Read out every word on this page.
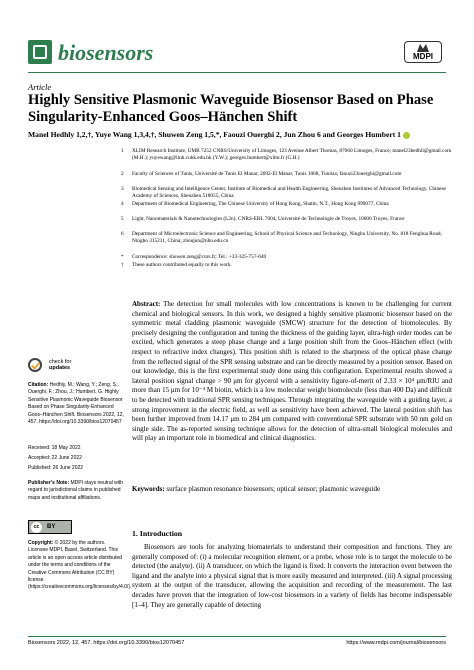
biosensors	MDPI
Article
Highly Sensitive Plasmonic Waveguide Biosensor Based on Phase Singularity-Enhanced Goos–Hänchen Shift
Manel Hedhly 1,2,†, Yuye Wang 1,3,4,†, Shuwen Zeng 1,5,*, Faouzi Ouerghi 2, Jun Zhou 6 and Georges Humbert 1
1 XLIM Research Institute, UMR 7252 CNRS/University of Limoges, 123 Avenue Albert Thomas, 87060 Limoges, France; manel23hedhli@gmail.com (M.H.); yuyewang@link.cuhk.edu.hk (Y.W.); georges.humbert@xlim.fr (G.H.)
2 Faculty of Sciences of Tunis, Université de Tunis El Manar, 2092-El Manar, Tunis 1068, Tunisia; faouzi23ouerghi@gmail.com
3 Biomedical Sensing and Intelligence Center, Institute of Biomedical and Health Engineering, Shenzhen Institutes of Advanced Technology, Chinese Academy of Sciences, Shenzhen 518055, China
4 Department of Biomedical Engineering, The Chinese University of Hong Kong, Shatin, N.T., Hong Kong 999077, China
5 Light, Nanomaterials & Nanotechnologies (L2n), CNRS-ERL 7004, Université de Technologie de Troyes, 10000 Troyes, France
6 Department of Microelectronic Science and Engineering, School of Physical Science and Technology, Ningbo University, No. 818 Fenghua Road, Ningbo 315211, China; zhoujun@nbu.edu.cn
* Correspondence: shuwen.zeng@cnrs.fr; Tel.: +33-325-757-640
† These authors contributed equally to this work.
Abstract: The detection for small molecules with low concentrations is known to be challenging for current chemical and biological sensors. In this work, we designed a highly sensitive plasmonic biosensor based on the symmetric metal cladding plasmonic waveguide (SMCW) structure for the detection of biomolecules. By precisely designing the configuration and tuning the thickness of the guiding layer, ultra-high order modes can be excited, which generates a steep phase change and a large position shift from the Goos–Hänchen effect (with respect to refractive index changes). This position shift is related to the sharpness of the optical phase change from the reflected signal of the SPR sensing substrate and can be directly measured by a position sensor. Based on our knowledge, this is the first experimental study done using this configuration. Experimental results showed a lateral position signal change > 90 μm for glycerol with a sensitivity figure-of-merit of 2.33 × 10⁴ μm/RIU and more than 15 μm for 10⁻⁴ M biotin, which is a low molecular weight biomolecule (less than 400 Da) and difficult to be detected with traditional SPR sensing techniques. Through integrating the waveguide with a guiding layer, a strong improvement in the electric field, as well as sensitivity have been achieved. The lateral position shift has been further improved from 14.17 μm to 284 μm compared with conventional SPR substrate with 50 nm gold on single side. The as-reported sensing technique allows for the detection of ultra-small biological molecules and will play an important role in biomedical and clinical diagnostics.
Keywords: surface plasmon resonance biosensors; optical sensor; plasmonic waveguide
check for
updates
Citation: Hedhly, M.; Wang, Y.; Zeng, S.; Ouerghi, F.; Zhou, J.; Humbert, G. Highly Sensitive Plasmonic Waveguide Biosensor Based on Phase Singularity-Enhanced Goos–Hänchen Shift. Biosensors 2022, 12, 457. https://doi.org/10.3390/bios12070457
Received: 18 May 2022
Accepted: 22 June 2022
Published: 26 June 2022
Publisher’s Note: MDPI stays neutral with regard to jurisdictional claims in published maps and institutional affiliations.
cc	BY
Copyright: © 2022 by the authors. Licensee MDPI, Basel, Switzerland. This article is an open access article distributed under the terms and conditions of the Creative Commons Attribution (CC BY) license (https://creativecommons.org/licenses/by/4.0/).
1. Introduction
Biosensors are tools for analyzing biomaterials to understand their composition and functions. They are generally composed of: (i) a molecular recognition element, or a probe, whose role is to target the molecule to be detected (the analyte). (ii) A transducer, on which the ligand is fixed. It converts the interaction event between the ligand and the analyte into a physical signal that is more easily measured and interpreted. (iii) A signal processing system at the output of the transducer, allowing the acquisition and recording of the measurement. The last decades have proven that the integration of low-cost biosensors in a variety of fields has become indispensable [1–4]. They are generally capable of detecting
Biosensors 2022, 12, 457. https://doi.org/10.3390/bios12070457	https://www.mdpi.com/journal/biosensors
